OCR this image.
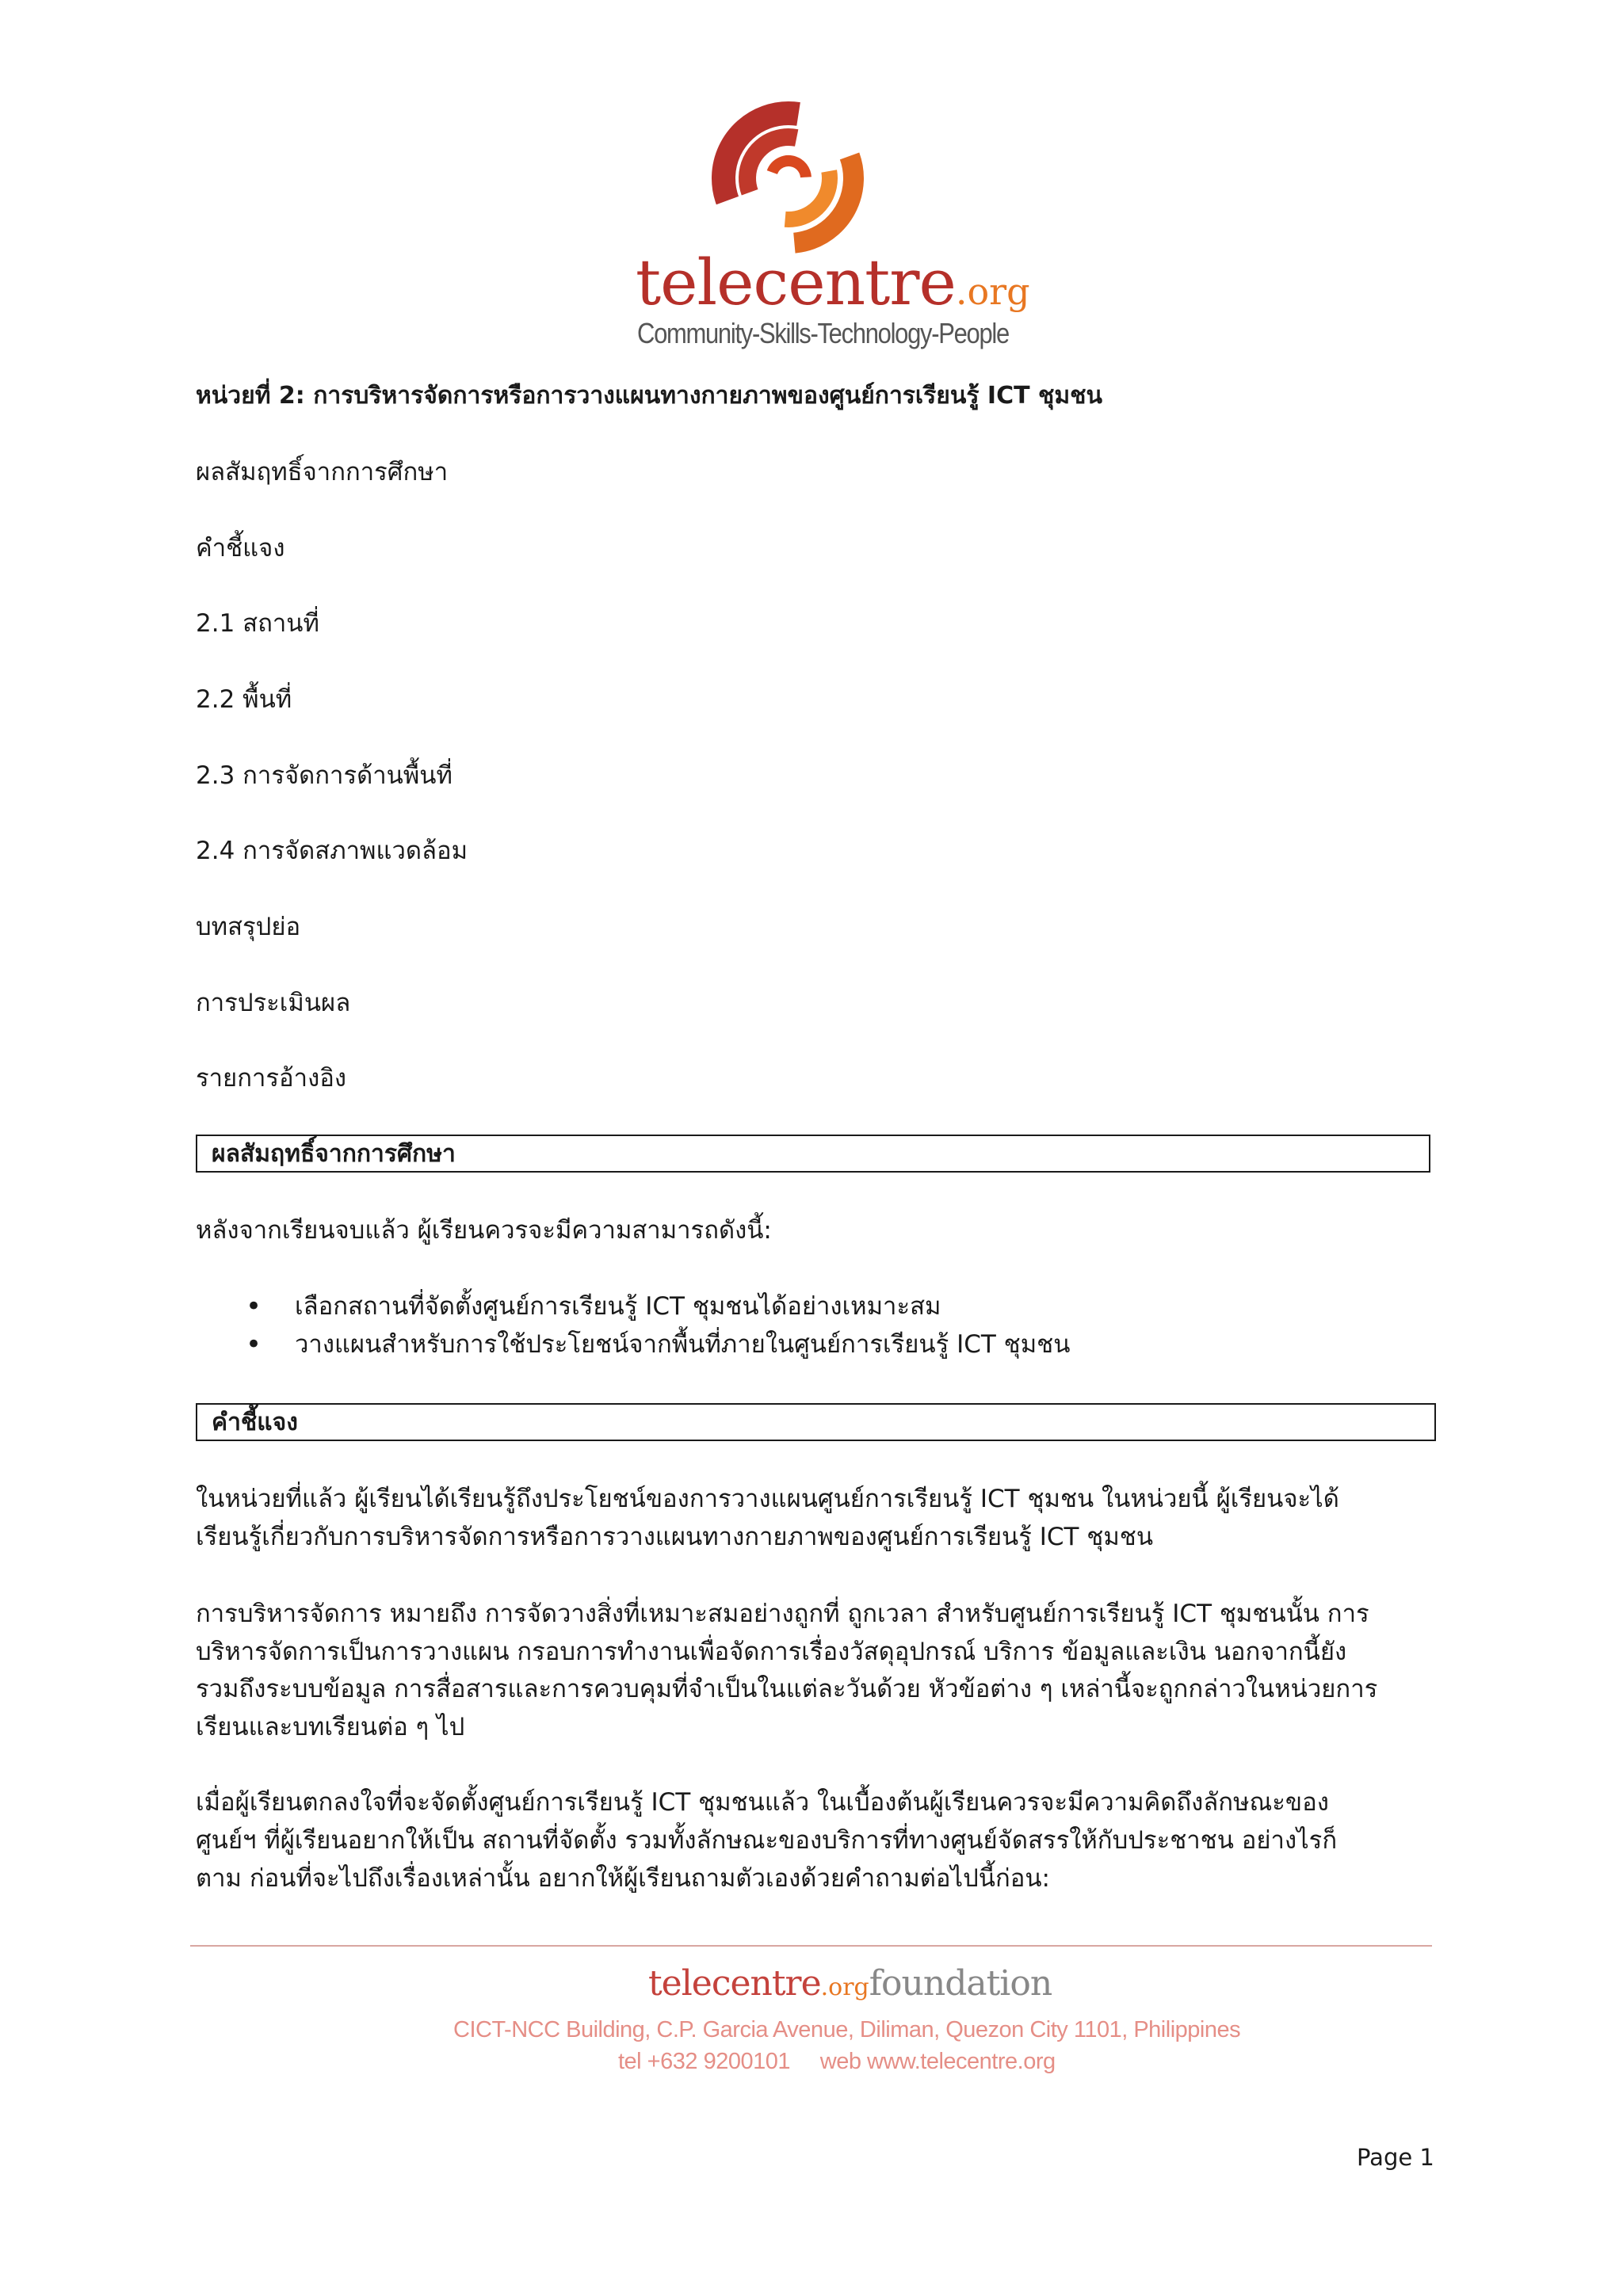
telecentre.org
Community-Skills-Technology-People
หน่วยที่ 2: การบริหารจัดการหรือการวางแผนทางกายภาพของศูนย์การเรียนรู้ ICT ชุมชน
ผลสัมฤทธิ์จากการศึกษา
คำชี้แจง
2.1 สถานที่
2.2 พื้นที่
2.3 การจัดการด้านพื้นที่
2.4 การจัดสภาพแวดล้อม
บทสรุปย่อ
การประเมินผล
รายการอ้างอิง
ผลสัมฤทธิ์จากการศึกษา
หลังจากเรียนจบแล้ว ผู้เรียนควรจะมีความสามารถดังนี้:
• เลือกสถานที่จัดตั้งศูนย์การเรียนรู้ ICT ชุมชนได้อย่างเหมาะสม
• วางแผนสำหรับการใช้ประโยชน์จากพื้นที่ภายในศูนย์การเรียนรู้ ICT ชุมชน
คำชี้แจง
ในหน่วยที่แล้ว ผู้เรียนได้เรียนรู้ถึงประโยชน์ของการวางแผนศูนย์การเรียนรู้ ICT ชุมชน ในหน่วยนี้ ผู้เรียนจะได้
เรียนรู้เกี่ยวกับการบริหารจัดการหรือการวางแผนทางกายภาพของศูนย์การเรียนรู้ ICT ชุมชน
การบริหารจัดการ หมายถึง การจัดวางสิ่งที่เหมาะสมอย่างถูกที่ ถูกเวลา สำหรับศูนย์การเรียนรู้ ICT ชุมชนนั้น การ
บริหารจัดการเป็นการวางแผน กรอบการทำงานเพื่อจัดการเรื่องวัสดุอุปกรณ์ บริการ ข้อมูลและเงิน นอกจากนี้ยัง
รวมถึงระบบข้อมูล การสื่อสารและการควบคุมที่จำเป็นในแต่ละวันด้วย หัวข้อต่าง ๆ เหล่านี้จะถูกกล่าวในหน่วยการ
เรียนและบทเรียนต่อ ๆ ไป
เมื่อผู้เรียนตกลงใจที่จะจัดตั้งศูนย์การเรียนรู้ ICT ชุมชนแล้ว ในเบื้องต้นผู้เรียนควรจะมีความคิดถึงลักษณะของ
ศูนย์ฯ ที่ผู้เรียนอยากให้เป็น สถานที่จัดตั้ง รวมทั้งลักษณะของบริการที่ทางศูนย์จัดสรรให้กับประชาชน อย่างไรก็
ตาม ก่อนที่จะไปถึงเรื่องเหล่านั้น อยากให้ผู้เรียนถามตัวเองด้วยคำถามต่อไปนี้ก่อน:
telecentre.orgfoundation
CICT-NCC Building, C.P. Garcia Avenue, Diliman, Quezon City 1101, Philippines
tel +632 9200101     web www.telecentre.org
Page 1
